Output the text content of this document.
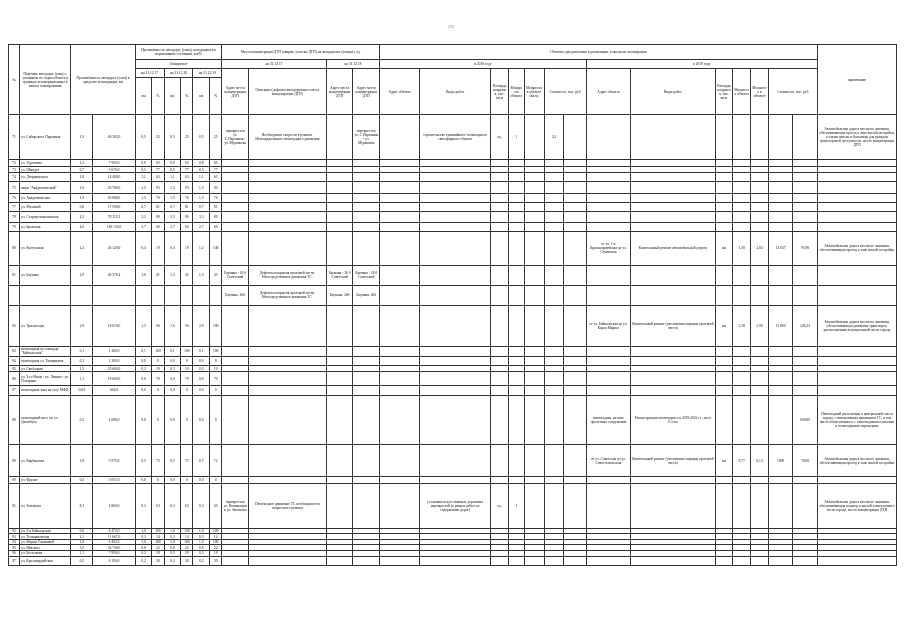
171
№	Перечень автодорог (улиц) с указанием по годам объекта в границах агломерационных в начале планирования	Протяжённость автодорог (улиц) в пределах агломерации, км		Протяжённость автодорог (улиц), находящихся в нормативном состоянии, км/%						Места концентрации ДТП (аварии, участки ДТП) на автодорогах (улицах), ед.				Объекты, предлагаемые к реализации, в пределах агломерации														примечание
				Ожидаемое						на 31.12.17		на 31.12.18		в 2018 году							в 2019 году							
				на 31.12.17		на 31.12.18		на 31.12.19		Адрес места концентрации ДТП	Описание (дефекты автодорожного места концентрации ДТП)	Адрес места концентрации ДТП	Адрес места концентрации ДТП	Адрес объекта	Виды работ	Площадь покрытия, тыс. кв.м	Мощность объекта	Мощность в объекте (кв.м)	Стоимость, тыс. руб		Адрес объекта	Виды работ	Площадь покрытия, тыс. кв.м	Мощность объекта	Мощность в объекте	Стоимость, тыс. руб		
				км	%	км	%	км	%																			
71	ул. Сибирского Паромная	1,9	46 302,0	0,5	25	0,5	25	0,5	25	перекресток ул. С.Паромная - ул. Муравьева	Необходимое скорости в режиме. Неупорядоченное пешеходного движения		перекресток ул. С.Паромная - ул. Муравьева		строительство трамвайного/ пешеходного светофорного объекта	ед.	1		3,2									Автомобильная дорога местного значения, обеспечивающая проезд к зоне жилой застройки, к таким школы и больницы для граждан транспортной доступности, место концентрации ДТП
72	ул. Тургенева	1,2	7 950,0	0,8	65	0,8	65	0,8	65																			
73	ул. Шмидта	0,7	5 670,0	0,5	77	0,5	77	0,5	77																			
74	ул. Дзержинского	1,8	14 400,0	1,1	63	1,1	63	1,1	63																			
75	мкрн "Академический"	1,6	45 700,0	1,5	93	1,5	93	1,5	93																			
76	ул. Академическая	1,9	45 968,0	1,5	76	1,5	76	1,5	76																			
77	ул. Мухиной	0,8	17 590,0	0,7	81	0,7	81	0,7	81																			
78	ул. Старокузьмихинская	4,2	78 115,3	3,3	80	3,3	80	3,3	80																			
79	ул. Бронская	4,6	149 133,0	2,7	60	2,7	60	2,7	60																			
80	ул. Култукская	2,2	26 120,0	0,4	19	0,4	19	1,2	140												от ул. 1-я Красноармейская до ул. Сечинская	Капитальный ремонт автомобильной дороги	км	1,38	2,04	14 037	95,96	Автомобильная дорога местного значения, обеспечивающая проезд к зоне жилой застройки
81	ул. Баумана	2,9	46 376,4	1,0	41	1,3	45	1,3	45	Баумана - 26 б Советский	Дефекты покрытия проезжей части. Непосредственное движения ТС.	Баумана - 26 б Советский	Баумана - 26 б Советский															
										Баумана, 26б	Дефекты покрытия проезжей части. Непосредственное движения ТС.	Баумана, 26б	Баумана, 26б															
82	ул. Трилиссера	2,9	18 619,0	1,5	56	1,6	56	2,9	100												от ул. Байкальская до ул. Карла Маркса	Капитальный ремонт (увеличение ширины проезжей части)	км	1,28	2,99	15 860	226,32	Автомобильная дорога местного значения, обеспечивающая движение транспорта, расположенная в центральной части города
83	пешеходная по площади "Байкальская"	0,1	1 200,0	0,1	100	0,1	100	0,1	100																			
84	пешеходная ул. Тимирязева	0,1	1 200,0	0,0	0	0,0	0	0,0	0																			
85	ул. Свободная	1,5	25 600,0	0,3	19	0,3	19	0,3	19																			
86	ул. 3-го Июля - ул. Ленина - ул. Полярная	1,1	19 600,0	0,0	70	0,0	70	0,0	70																			
87	пешеходная зона на углу МФЦ	0,04	644,0	0,0	0	0,0	0	0,0	0																			
88	пешеходный мост по ул. Джамбула	0,2	4 086,0	0,0	0	0,0	0	0,0	0												пешеходная, на пять пролетных сооружения	Реконструкция пешеходного в 2019-2022 гг., мост 0,3 км					658,89	Пешеходный расположен в центральной части города, с интенсивным движением ТС, в том числе общественного, с пешеходными пунктами и пешеходными переходами
89	ул. Карбышева	1,8	5 975,0	0,5	75	0,5	75	0,7	72												от ул. Советская до ул. Севастопольская	Капитальный ремонт (увеличение ширины проезжей части)	км	0,77	0,14	1000	70,00	Автомобильная дорога местного значения, обеспечивающая проезд к зоне жилой застройки
90	ул. Фрунзе	0,4	3 051,0	0,0	0	0,0	0	0,0	0																			
91	ул. Землячки	8,1	4 860,0	0,3	63	0,3	63	0,3	63	перекресток ул. Номинации и ул. Землячки	Пешеходное движение ТС необходимости скоростного режима				установка искусственных дорожных неровностей (в рамках работ по содержанию дорог)	ед.	1											Автомобильная дорога местного значения, обеспечивающая подъезд к жилой и внеуличного части города, место концентрации ДТП
92	ул. 2-я Байкальская	0,6	6 472,0	1,0	100	1,0	100	1,0	100																			
93	ул. Тельмановская	2,1	11 667,0	0,3	14	0,3	14	0,3	14																			
94	ул. Марии Ульяновой	1,0	6 492,0	1,0	100	1,0	100	1,0	100																			
95	ул. Невского	3,5	34 758,0	0,8	22	0,8	22	0,8	22																			
96	ул. Бестужева	1,1	7 950,0	0,3	19	0,3	19	0,3	19																			
97	ул. Красноярдейская	0,5	6 150,0	0,2	30	0,2	30	0,2	30																			
